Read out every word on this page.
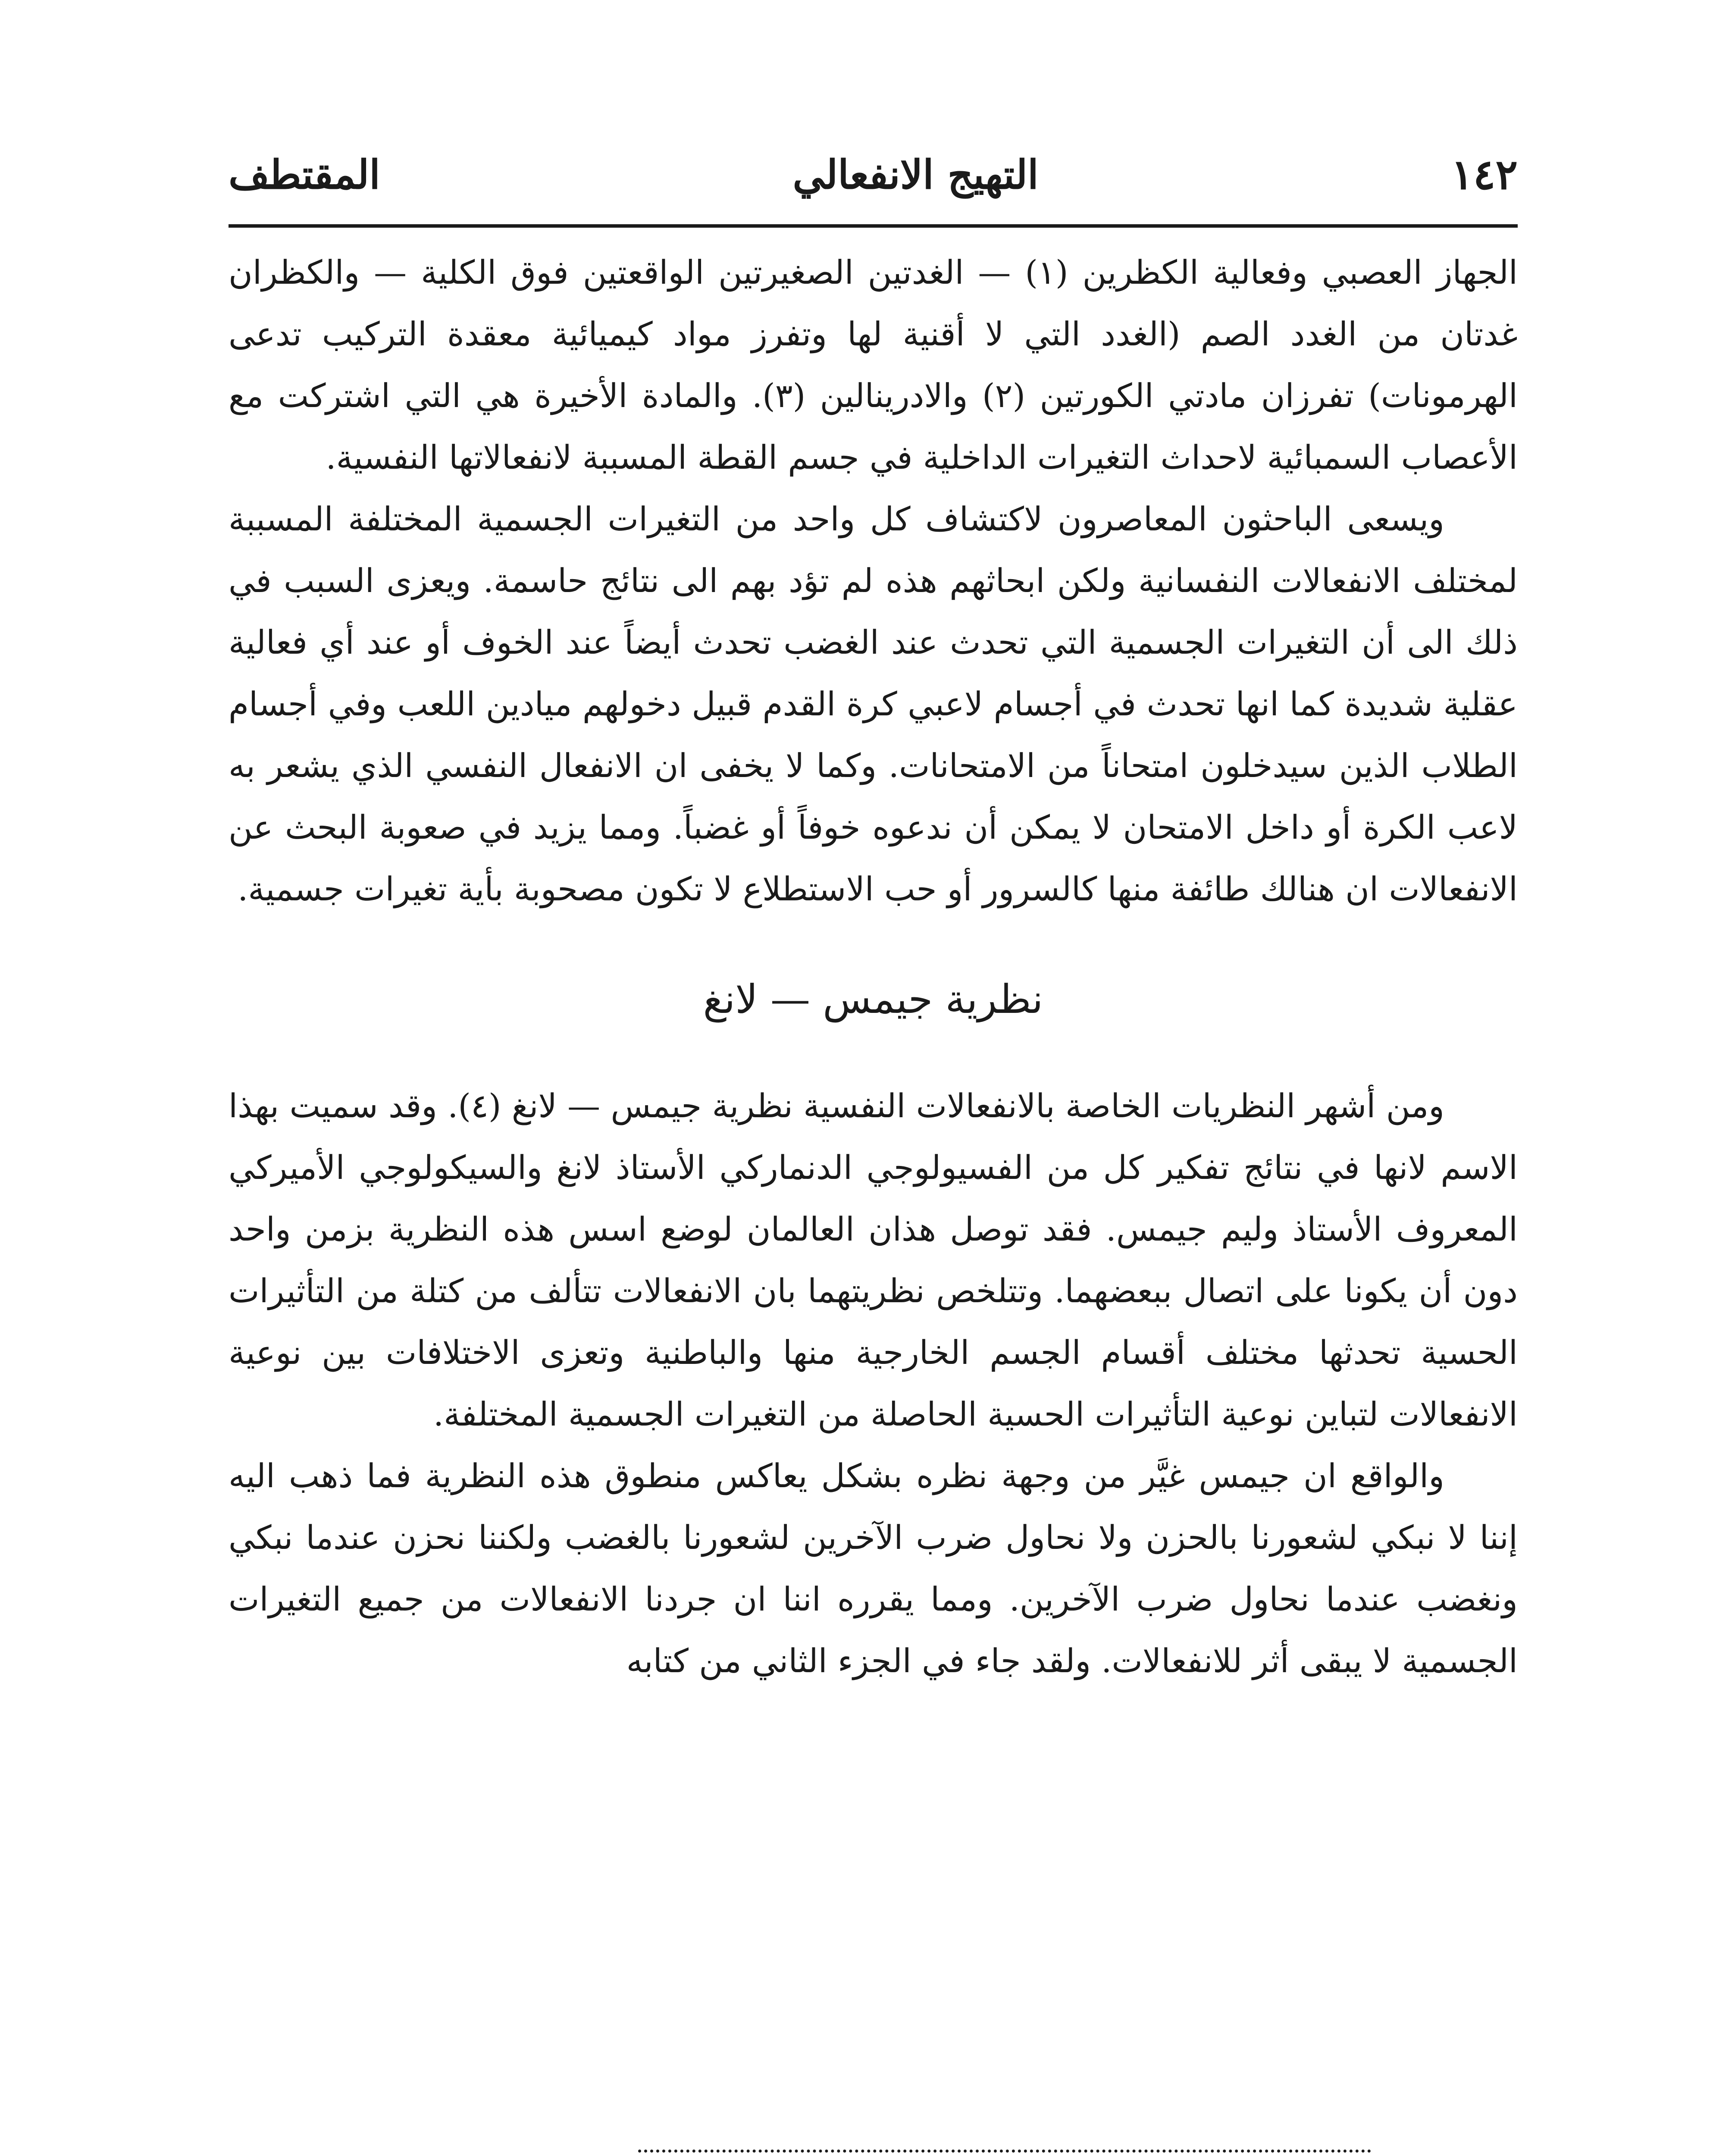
١٤٢
التهيج الانفعالي
المقتطف

الجهاز العصبي وفعالية الكظرين (١) — الغدتين الصغيرتين الواقعتين فوق الكلية — والكظران غدتان من الغدد الصم (الغدد التي لا أقنية لها وتفرز مواد كيميائية معقدة التركيب تدعى الهرمونات) تفرزان مادتي الكورتين (٢) والادرينالين (٣). والمادة الأخيرة هي التي اشتركت مع الأعصاب السمبائية لاحداث التغيرات الداخلية في جسم القطة المسببة لانفعالاتها النفسية.

ويسعى الباحثون المعاصرون لاكتشاف كل واحد من التغيرات الجسمية المختلفة المسببة لمختلف الانفعالات النفسانية ولكن ابحاثهم هذه لم تؤد بهم الى نتائج حاسمة. ويعزى السبب في ذلك الى أن التغيرات الجسمية التي تحدث عند الغضب تحدث أيضاً عند الخوف أو عند أي فعالية عقلية شديدة كما انها تحدث في أجسام لاعبي كرة القدم قبيل دخولهم ميادين اللعب وفي أجسام الطلاب الذين سيدخلون امتحاناً من الامتحانات. وكما لا يخفى ان الانفعال النفسي الذي يشعر به لاعب الكرة أو داخل الامتحان لا يمكن أن ندعوه خوفاً أو غضباً. ومما يزيد في صعوبة البحث عن الانفعالات ان هنالك طائفة منها كالسرور أو حب الاستطلاع لا تكون مصحوبة بأية تغيرات جسمية.

نظرية جيمس — لانغ

ومن أشهر النظريات الخاصة بالانفعالات النفسية نظرية جيمس — لانغ (٤). وقد سميت بهذا الاسم لانها في نتائج تفكير كل من الفسيولوجي الدنماركي الأستاذ لانغ والسيكولوجي الأميركي المعروف الأستاذ وليم جيمس. فقد توصل هذان العالمان لوضع اسس هذه النظرية بزمن واحد دون أن يكونا على اتصال ببعضهما. وتتلخص نظريتهما بان الانفعالات تتألف من كتلة من التأثيرات الحسية تحدثها مختلف أقسام الجسم الخارجية منها والباطنية وتعزى الاختلافات بين نوعية الانفعالات لتباين نوعية التأثيرات الحسية الحاصلة من التغيرات الجسمية المختلفة.

والواقع ان جيمس غيَّر من وجهة نظره بشكل يعاكس منطوق هذه النظرية فما ذهب اليه إننا لا نبكي لشعورنا بالحزن ولا نحاول ضرب الآخرين لشعورنا بالغضب ولكننا نحزن عندما نبكي ونغضب عندما نحاول ضرب الآخرين. ومما يقرره اننا ان جردنا الانفعالات من جميع التغيرات الجسمية لا يبقى أثر للانفعالات. ولقد جاء في الجزء الثاني من كتابه
